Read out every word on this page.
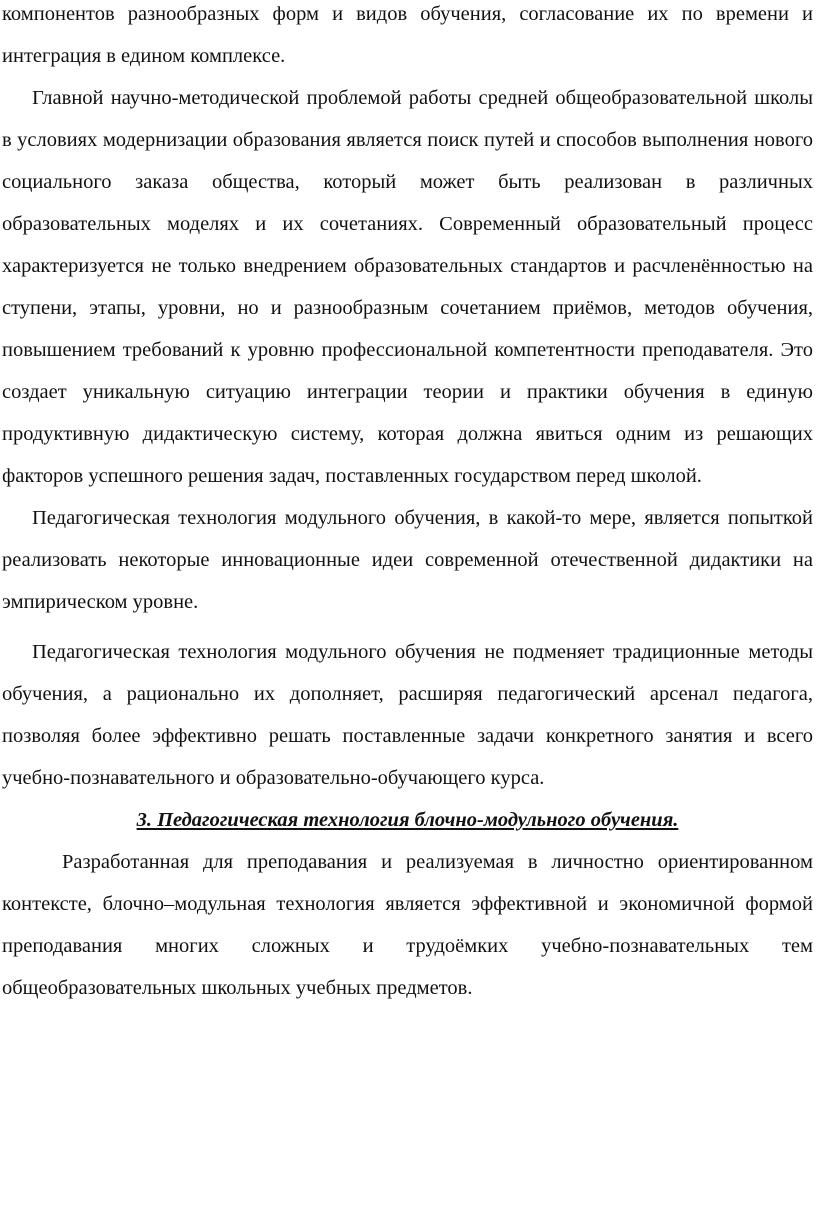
компонентов разнообразных форм и видов обучения, согласование их по времени и интеграция в едином комплексе.

Главной научно-методической проблемой работы средней общеобразовательной школы в условиях модернизации образования является поиск путей и способов выполнения нового социального заказа общества, который может быть реализован в различных образовательных моделях и их сочетаниях. Современный образовательный процесс характеризуется не только внедрением образовательных стандартов и расчленённостью на ступени, этапы, уровни, но и разнообразным сочетанием приёмов, методов обучения, повышением требований к уровню профессиональной компетентности преподавателя. Это создает уникальную ситуацию интеграции теории и практики обучения в единую продуктивную дидактическую систему, которая должна явиться одним из решающих факторов успешного решения задач, поставленных государством перед школой.

Педагогическая технология модульного обучения, в какой-то мере, является попыткой реализовать некоторые инновационные идеи современной отечественной дидактики на эмпирическом уровне.

Педагогическая технология модульного обучения не подменяет традиционные методы обучения, а рационально их дополняет, расширяя педагогический арсенал педагога, позволяя более эффективно решать поставленные задачи конкретного занятия и всего учебно-познавательного и образовательно-обучающего курса.

3. Педагогическая технология блочно-модульного обучения.

Разработанная для преподавания и реализуемая в личностно ориентированном контексте, блочно–модульная технология является эффективной и экономичной формой преподавания многих сложных и трудоёмких учебно-познавательных тем общеобразовательных школьных учебных предметов.
